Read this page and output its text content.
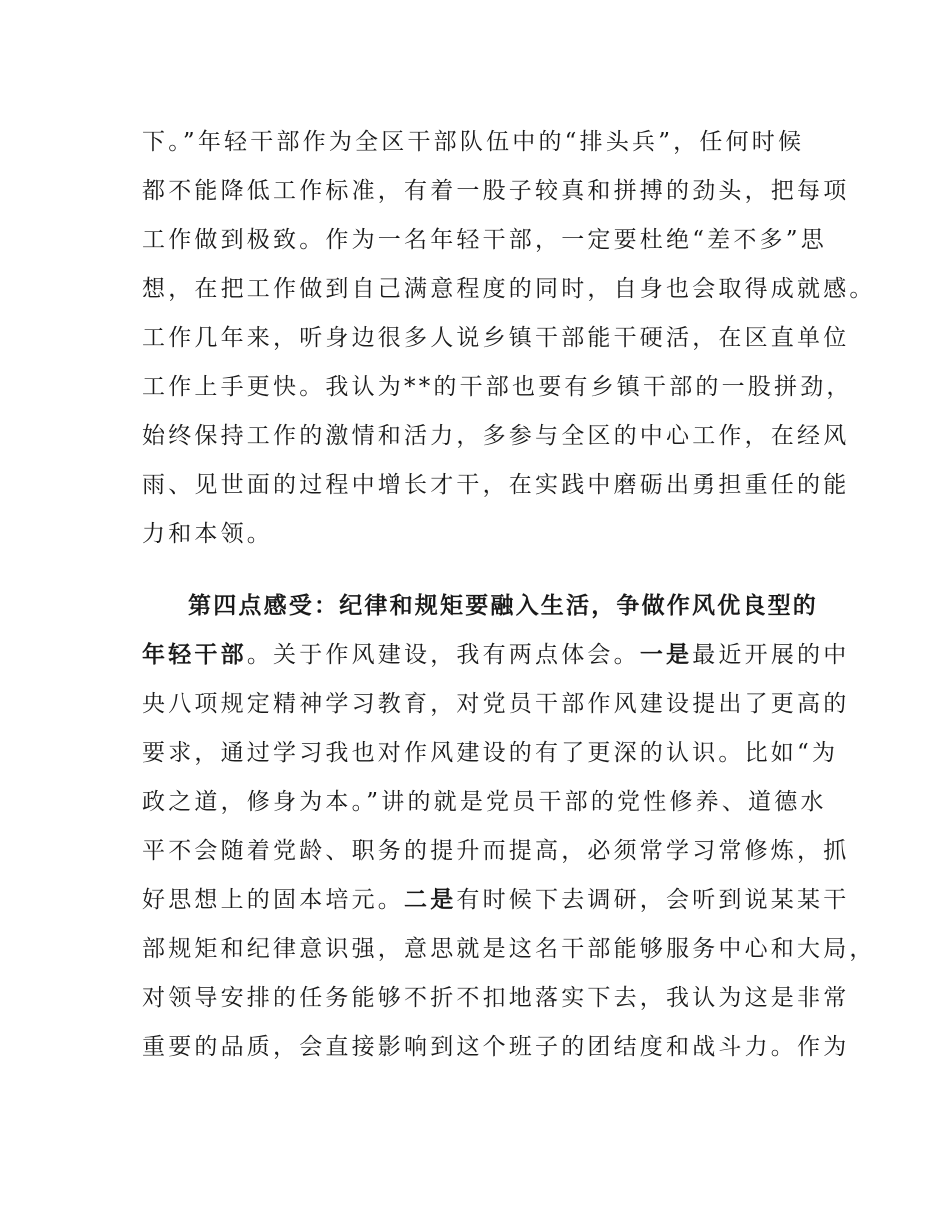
下。”年轻干部作为全区干部队伍中的“排头兵”，任何时候
都不能降低工作标准，有着一股子较真和拼搏的劲头，把每项
工作做到极致。作为一名年轻干部，一定要杜绝“差不多”思
想，在把工作做到自己满意程度的同时，自身也会取得成就感。
工作几年来，听身边很多人说乡镇干部能干硬活，在区直单位
工作上手更快。我认为**的干部也要有乡镇干部的一股拼劲，
始终保持工作的激情和活力，多参与全区的中心工作，在经风
雨、见世面的过程中增长才干，在实践中磨砺出勇担重任的能
力和本领。
第四点感受：纪律和规矩要融入生活，争做作风优良型的
年轻干部。关于作风建设，我有两点体会。一是最近开展的中
央八项规定精神学习教育，对党员干部作风建设提出了更高的
要求，通过学习我也对作风建设的有了更深的认识。比如“为
政之道，修身为本。”讲的就是党员干部的党性修养、道德水
平不会随着党龄、职务的提升而提高，必须常学习常修炼，抓
好思想上的固本培元。二是有时候下去调研，会听到说某某干
部规矩和纪律意识强，意思就是这名干部能够服务中心和大局，
对领导安排的任务能够不折不扣地落实下去，我认为这是非常
重要的品质，会直接影响到这个班子的团结度和战斗力。作为
